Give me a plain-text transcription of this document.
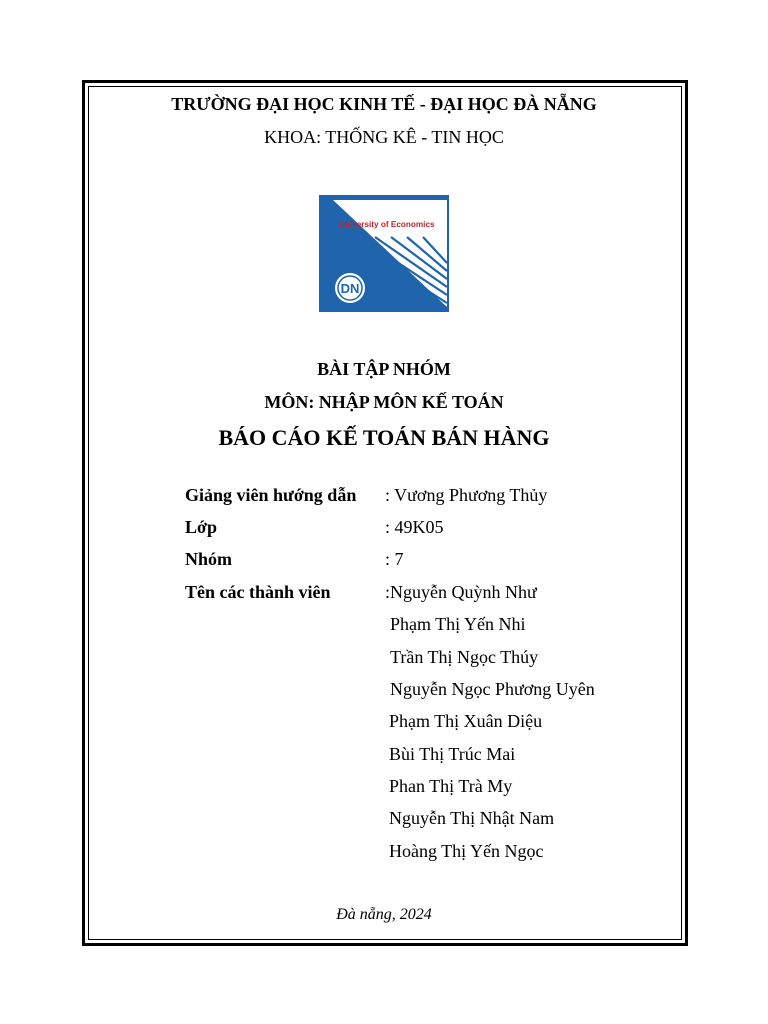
TRƯỜNG ĐẠI HỌC KINH TẾ - ĐẠI HỌC ĐÀ NẴNG
KHOA: THỐNG KÊ - TIN HỌC
University of Economics
DN
BÀI TẬP NHÓM
MÔN: NHẬP MÔN KẾ TOÁN
BÁO CÁO KẾ TOÁN BÁN HÀNG
Giảng viên hướng dẫn : Vương Phương Thủy
Lớp	: 49K05
Nhóm	: 7
Tên các thành viên	:Nguyễn Quỳnh Như
Phạm Thị Yến Nhi
Trần Thị Ngọc Thúy
Nguyễn Ngọc Phương Uyên
Phạm Thị Xuân Diệu
Bùi Thị Trúc Mai
Phan Thị Trà My
Nguyễn Thị Nhật Nam
Hoàng Thị Yến Ngọc
Đà nẵng, 2024
